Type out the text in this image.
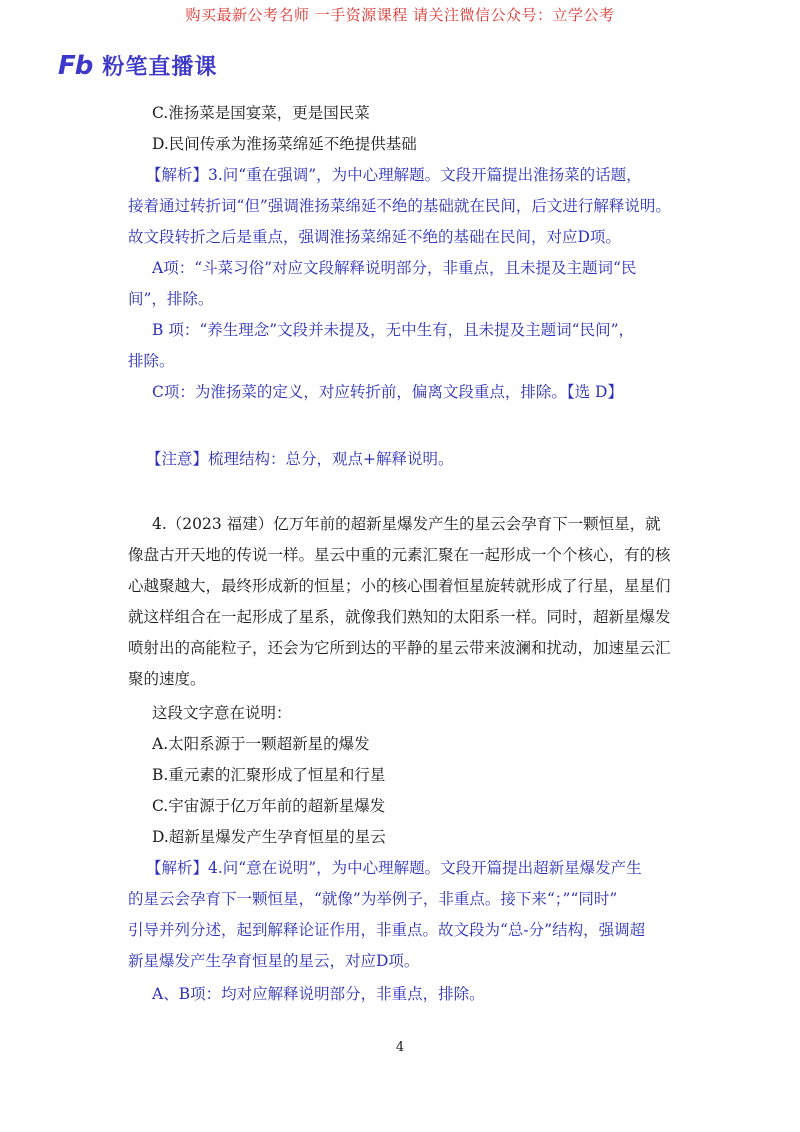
购买最新公考名师 一手资源课程 请关注微信公众号：立学公考
Fb 粉笔直播课
C.淮扬菜是国宴菜，更是国民菜
D.民间传承为淮扬菜绵延不绝提供基础
【解析】3.问“重在强调”，为中心理解题。文段开篇提出淮扬菜的话题，
接着通过转折词“但”强调淮扬菜绵延不绝的基础就在民间，后文进行解释说明。
故文段转折之后是重点，强调淮扬菜绵延不绝的基础在民间，对应D项。
A项：“斗菜习俗”对应文段解释说明部分，非重点，且未提及主题词“民
间”，排除。
B 项：“养生理念”文段并未提及，无中生有，且未提及主题词“民间”，
排除。
C项：为淮扬菜的定义，对应转折前，偏离文段重点，排除。【选 D】
【注意】梳理结构：总分，观点+解释说明。
4.（2023 福建）亿万年前的超新星爆发产生的星云会孕育下一颗恒星，就
像盘古开天地的传说一样。星云中重的元素汇聚在一起形成一个个核心，有的核
心越聚越大，最终形成新的恒星；小的核心围着恒星旋转就形成了行星，星星们
就这样组合在一起形成了星系，就像我们熟知的太阳系一样。同时，超新星爆发
喷射出的高能粒子，还会为它所到达的平静的星云带来波澜和扰动，加速星云汇
聚的速度。
这段文字意在说明：
A.太阳系源于一颗超新星的爆发
B.重元素的汇聚形成了恒星和行星
C.宇宙源于亿万年前的超新星爆发
D.超新星爆发产生孕育恒星的星云
【解析】4.问“意在说明”，为中心理解题。文段开篇提出超新星爆发产生
的星云会孕育下一颗恒星，“就像”为举例子，非重点。接下来“；”“同时”
引导并列分述，起到解释论证作用，非重点。故文段为“总-分”结构，强调超
新星爆发产生孕育恒星的星云，对应D项。
A、B项：均对应解释说明部分，非重点，排除。
4
